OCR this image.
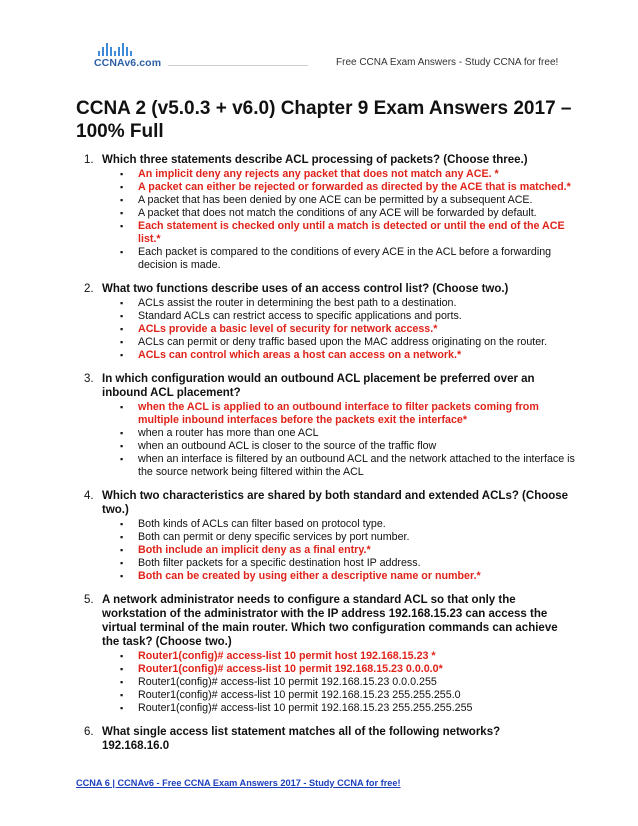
CCNAv6.com	Free CCNA Exam Answers - Study CCNA for free!
CCNA 2 (v5.0.3 + v6.0) Chapter 9 Exam Answers 2017 – 100% Full
1. Which three statements describe ACL processing of packets? (Choose three.)
▪ An implicit deny any rejects any packet that does not match any ACE. *
▪ A packet can either be rejected or forwarded as directed by the ACE that is matched.*
▪ A packet that has been denied by one ACE can be permitted by a subsequent ACE.
▪ A packet that does not match the conditions of any ACE will be forwarded by default.
▪ Each statement is checked only until a match is detected or until the end of the ACE list.*
▪ Each packet is compared to the conditions of every ACE in the ACL before a forwarding decision is made.
2. What two functions describe uses of an access control list? (Choose two.)
▪ ACLs assist the router in determining the best path to a destination.
▪ Standard ACLs can restrict access to specific applications and ports.
▪ ACLs provide a basic level of security for network access.*
▪ ACLs can permit or deny traffic based upon the MAC address originating on the router.
▪ ACLs can control which areas a host can access on a network.*
3. In which configuration would an outbound ACL placement be preferred over an inbound ACL placement?
▪ when the ACL is applied to an outbound interface to filter packets coming from multiple inbound interfaces before the packets exit the interface*
▪ when a router has more than one ACL
▪ when an outbound ACL is closer to the source of the traffic flow
▪ when an interface is filtered by an outbound ACL and the network attached to the interface is the source network being filtered within the ACL
4. Which two characteristics are shared by both standard and extended ACLs? (Choose two.)
▪ Both kinds of ACLs can filter based on protocol type.
▪ Both can permit or deny specific services by port number.
▪ Both include an implicit deny as a final entry.*
▪ Both filter packets for a specific destination host IP address.
▪ Both can be created by using either a descriptive name or number.*
5. A network administrator needs to configure a standard ACL so that only the workstation of the administrator with the IP address 192.168.15.23 can access the virtual terminal of the main router. Which two configuration commands can achieve the task? (Choose two.)
▪ Router1(config)# access-list 10 permit host 192.168.15.23 *
▪ Router1(config)# access-list 10 permit 192.168.15.23 0.0.0.0*
▪ Router1(config)# access-list 10 permit 192.168.15.23 0.0.0.255
▪ Router1(config)# access-list 10 permit 192.168.15.23 255.255.255.0
▪ Router1(config)# access-list 10 permit 192.168.15.23 255.255.255.255
6. What single access list statement matches all of the following networks?
192.168.16.0
CCNA 6 | CCNAv6 - Free CCNA Exam Answers 2017 - Study CCNA for free!
